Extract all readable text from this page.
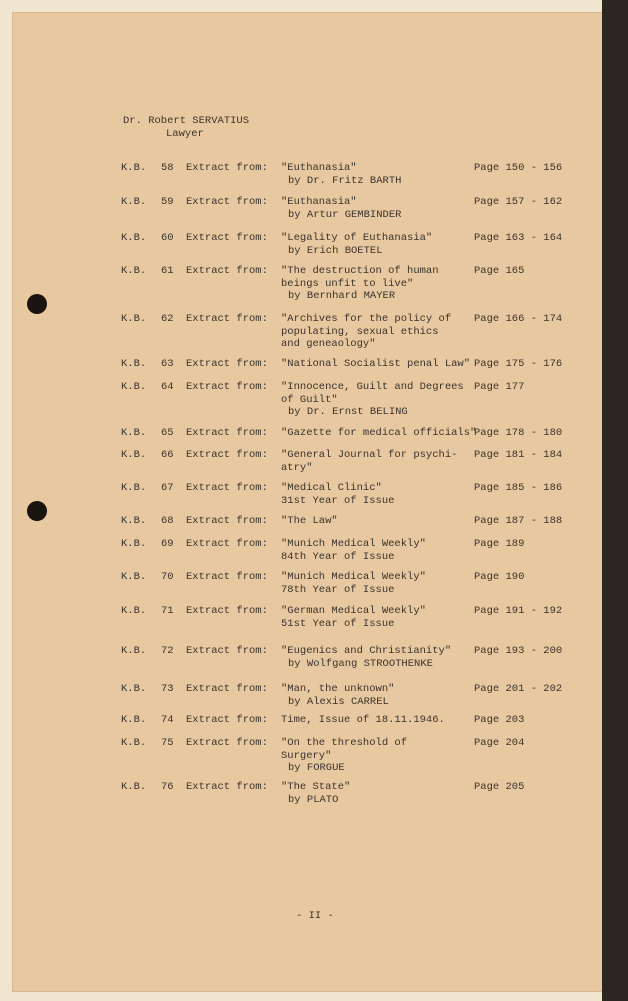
Dr. Robert SERVATIUS
Lawyer
K.B. 58 Extract from: "Euthanasia"
by Dr. Fritz BARTH
Page 150 - 156
K.B. 59 Extract from: "Euthanasia"
by Artur GEMBINDER
Page 157 - 162
K.B. 60 Extract from: "Legality of Euthanasia"
by Erich BOETEL
Page 163 - 164
K.B. 61 Extract from: "The destruction of human
beings unfit to live"
by Bernhard MAYER
Page 165
K.B. 62 Extract from: "Archives for the policy of
populating, sexual ethics
and geneaology"
Page 166 - 174
K.B. 63 Extract from: "National Socialist penal Law" Page 175 - 176
K.B. 64 Extract from: "Innocence, Guilt and Degrees
of Guilt"
by Dr. Ernst BELING
Page 177
K.B. 65 Extract from: "Gazette for medical officials"
Page 178 - 180
K.B. 66 Extract from: "General Journal for psychi-
atry"
Page 181 - 184
K.B. 67 Extract from: "Medical Clinic"
31st Year of Issue
Page 185 - 186
K.B. 68 Extract from: "The Law"	Page 187 - 188
K.B. 69 Extract from: "Munich Medical Weekly"
84th Year of Issue
Page 189
K.B. 70 Extract from: "Munich Medical Weekly"
78th Year of Issue
Page 190
K.B. 71 Extract from: "German Medical Weekly"
51st Year of Issue
Page 191 - 192
K.B. 72 Extract from: "Eugenics and Christianity"
by Wolfgang STROOTHENKE
Page 193 - 200
K.B. 73 Extract from: "Man, the unknown"
by Alexis CARREL
Page 201 - 202
K.B. 74 Extract from: Time, Issue of 18.11.1946.	Page 203
K.B. 75 Extract from: "On the threshold of
Surgery"
by FORGUE
Page 204
K.B. 76 Extract from: "The State"
by PLATO
Page 205
- II -
